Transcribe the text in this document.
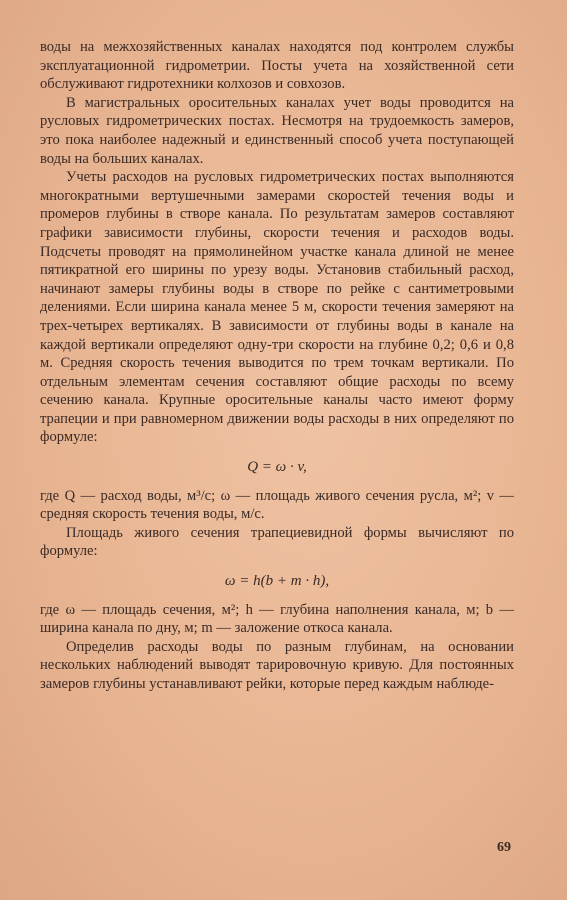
воды на межхозяйственных каналах находятся под контролем службы эксплуатационной гидрометрии. Посты учета на хозяйственной сети обслуживают гидротехники колхозов и совхозов.

В магистральных оросительных каналах учет воды проводится на русловых гидрометрических постах. Несмотря на трудоемкость замеров, это пока наиболее надежный и единственный способ учета поступающей воды на больших каналах.

Учеты расходов на русловых гидрометрических постах выполняются многократными вертушечными замерами скоростей течения воды и промеров глубины в створе канала. По результатам замеров составляют графики зависимости глубины, скорости течения и расходов воды. Подсчеты проводят на прямолинейном участке канала длиной не менее пятикратной его ширины по урезу воды. Установив стабильный расход, начинают замеры глубины воды в створе по рейке с сантиметровыми делениями. Если ширина канала менее 5 м, скорости течения замеряют на трех-четырех вертикалях. В зависимости от глубины воды в канале на каждой вертикали определяют одну-три скорости на глубине 0,2; 0,6 и 0,8 м. Средняя скорость течения выводится по трем точкам вертикали. По отдельным элементам сечения составляют общие расходы по всему сечению канала. Крупные оросительные каналы часто имеют форму трапеции и при равномерном движении воды расходы в них определяют по формуле:

Q = ω · v,

где Q — расход воды, м³/с; ω — площадь живого сечения русла, м²; v — средняя скорость течения воды, м/с.

Площадь живого сечения трапециевидной формы вычисляют по формуле:

ω = h(b + m · h),

где ω — площадь сечения, м²; h — глубина наполнения канала, м; b — ширина канала по дну, м; m — заложение откоса канала.

Определив расходы воды по разным глубинам, на основании нескольких наблюдений выводят тарировочную кривую. Для постоянных замеров глубины устанавливают рейки, которые перед каждым наблюде-

69
